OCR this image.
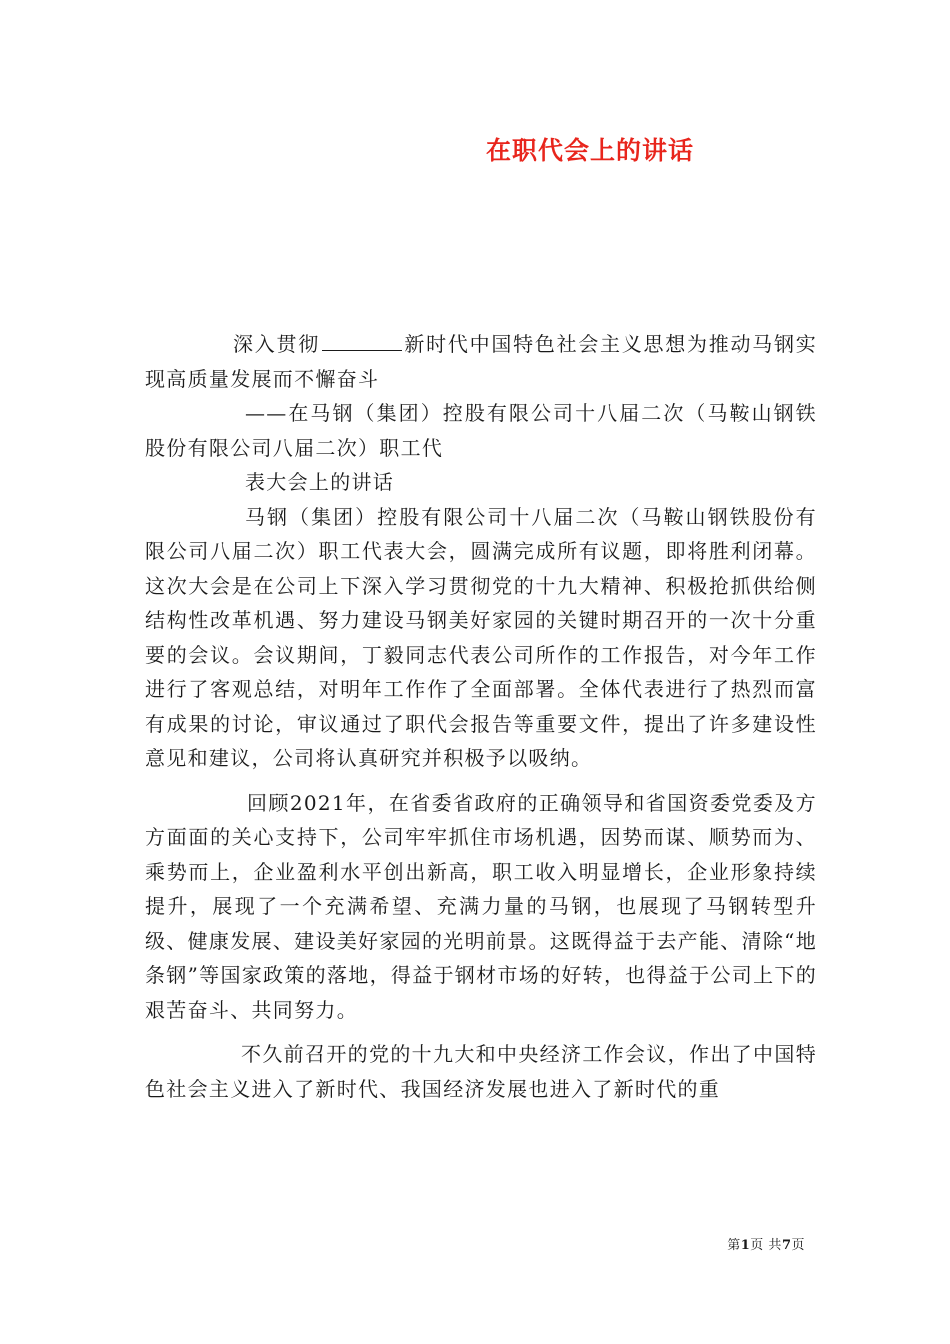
在职代会上的讲话

深入贯彻	新时代中国特色社会主义思想为推动马钢实现高质量发展而不懈奋斗

——在马钢（集团）控股有限公司十八届二次（马鞍山钢铁股份有限公司八届二次）职工代

表大会上的讲话

马钢（集团）控股有限公司十八届二次（马鞍山钢铁股份有限公司八届二次）职工代表大会，圆满完成所有议题，即将胜利闭幕。这次大会是在公司上下深入学习贯彻党的十九大精神、积极抢抓供给侧结构性改革机遇、努力建设马钢美好家园的关键时期召开的一次十分重要的会议。会议期间，丁毅同志代表公司所作的工作报告，对今年工作进行了客观总结，对明年工作作了全面部署。全体代表进行了热烈而富有成果的讨论，审议通过了职代会报告等重要文件，提出了许多建设性意见和建议，公司将认真研究并积极予以吸纳。

回顾2021年，在省委省政府的正确领导和省国资委党委及方方面面的关心支持下，公司牢牢抓住市场机遇，因势而谋、顺势而为、乘势而上，企业盈利水平创出新高，职工收入明显增长，企业形象持续提升，展现了一个充满希望、充满力量的马钢，也展现了马钢转型升级、健康发展、建设美好家园的光明前景。这既得益于去产能、清除“地条钢”等国家政策的落地，得益于钢材市场的好转，也得益于公司上下的艰苦奋斗、共同努力。

不久前召开的党的十九大和中央经济工作会议，作出了中国特色社会主义进入了新时代、我国经济发展也进入了新时代的重

第1页 共7页
